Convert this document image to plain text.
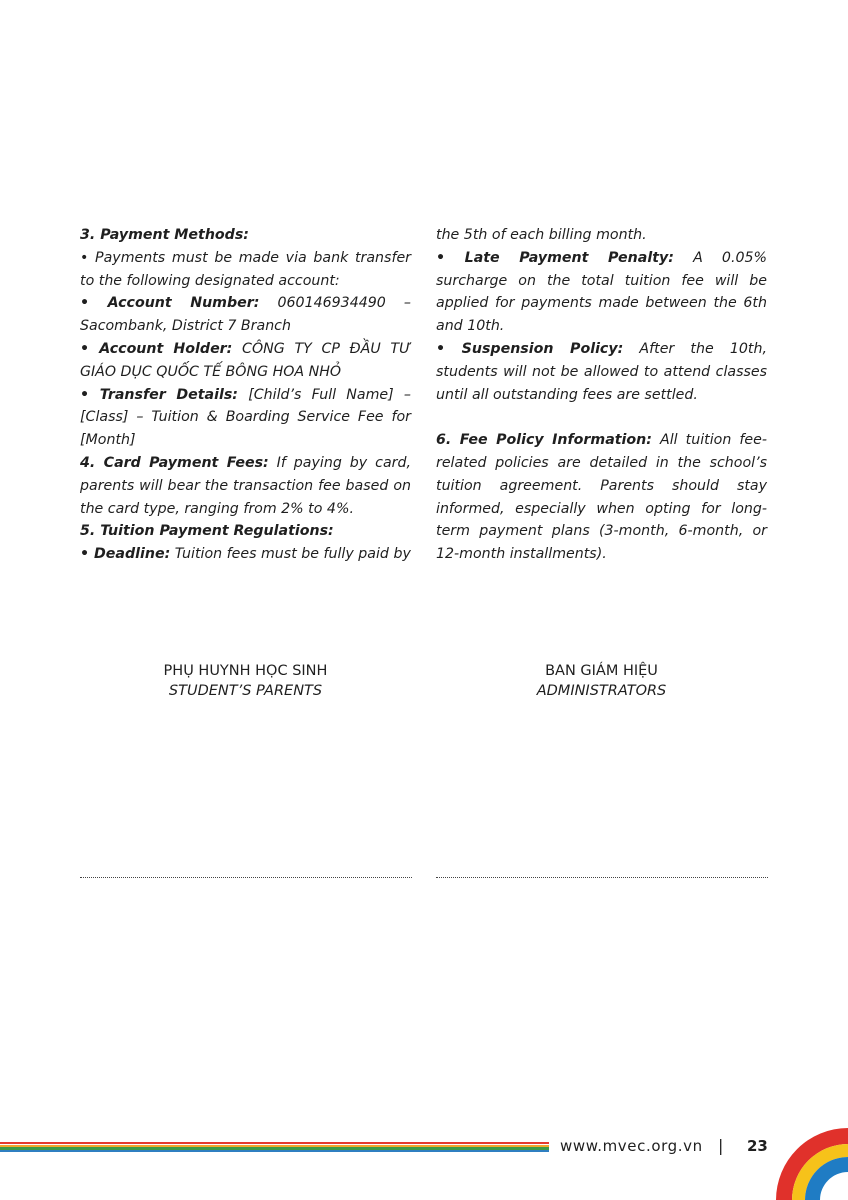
3. Payment Methods:

• Payments must be made via bank transfer to the following designated account:

• Account Number: 060146934490 – Sacombank, District 7 Branch

• Account Holder: CÔNG TY CP ĐẦU TƯ GIÁO DỤC QUỐC TẾ BÔNG HOA NHỎ

• Transfer Details: [Child’s Full Name] – [Class] – Tuition & Boarding Service Fee for [Month]

4. Card Payment Fees: If paying by card, parents will bear the transaction fee based on the card type, ranging from 2% to 4%.

5. Tuition Payment Regulations:

• Deadline: Tuition fees must be fully paid by

the 5th of each billing month.

• Late Payment Penalty: A 0.05% surcharge on the total tuition fee will be applied for payments made between the 6th and 10th.

• Suspension Policy: After the 10th, students will not be allowed to attend classes until all outstanding fees are settled.

6. Fee Policy Information: All tuition fee-related policies are detailed in the school’s tuition agreement. Parents should stay informed, especially when opting for long-term payment plans (3-month, 6-month, or 12-month installments).

PHỤ HUYNH HỌC SINH
STUDENT’S PARENTS
BAN GIÁM HIỆU
ADMINISTRATORS
www.mvec.org.vn | 23
